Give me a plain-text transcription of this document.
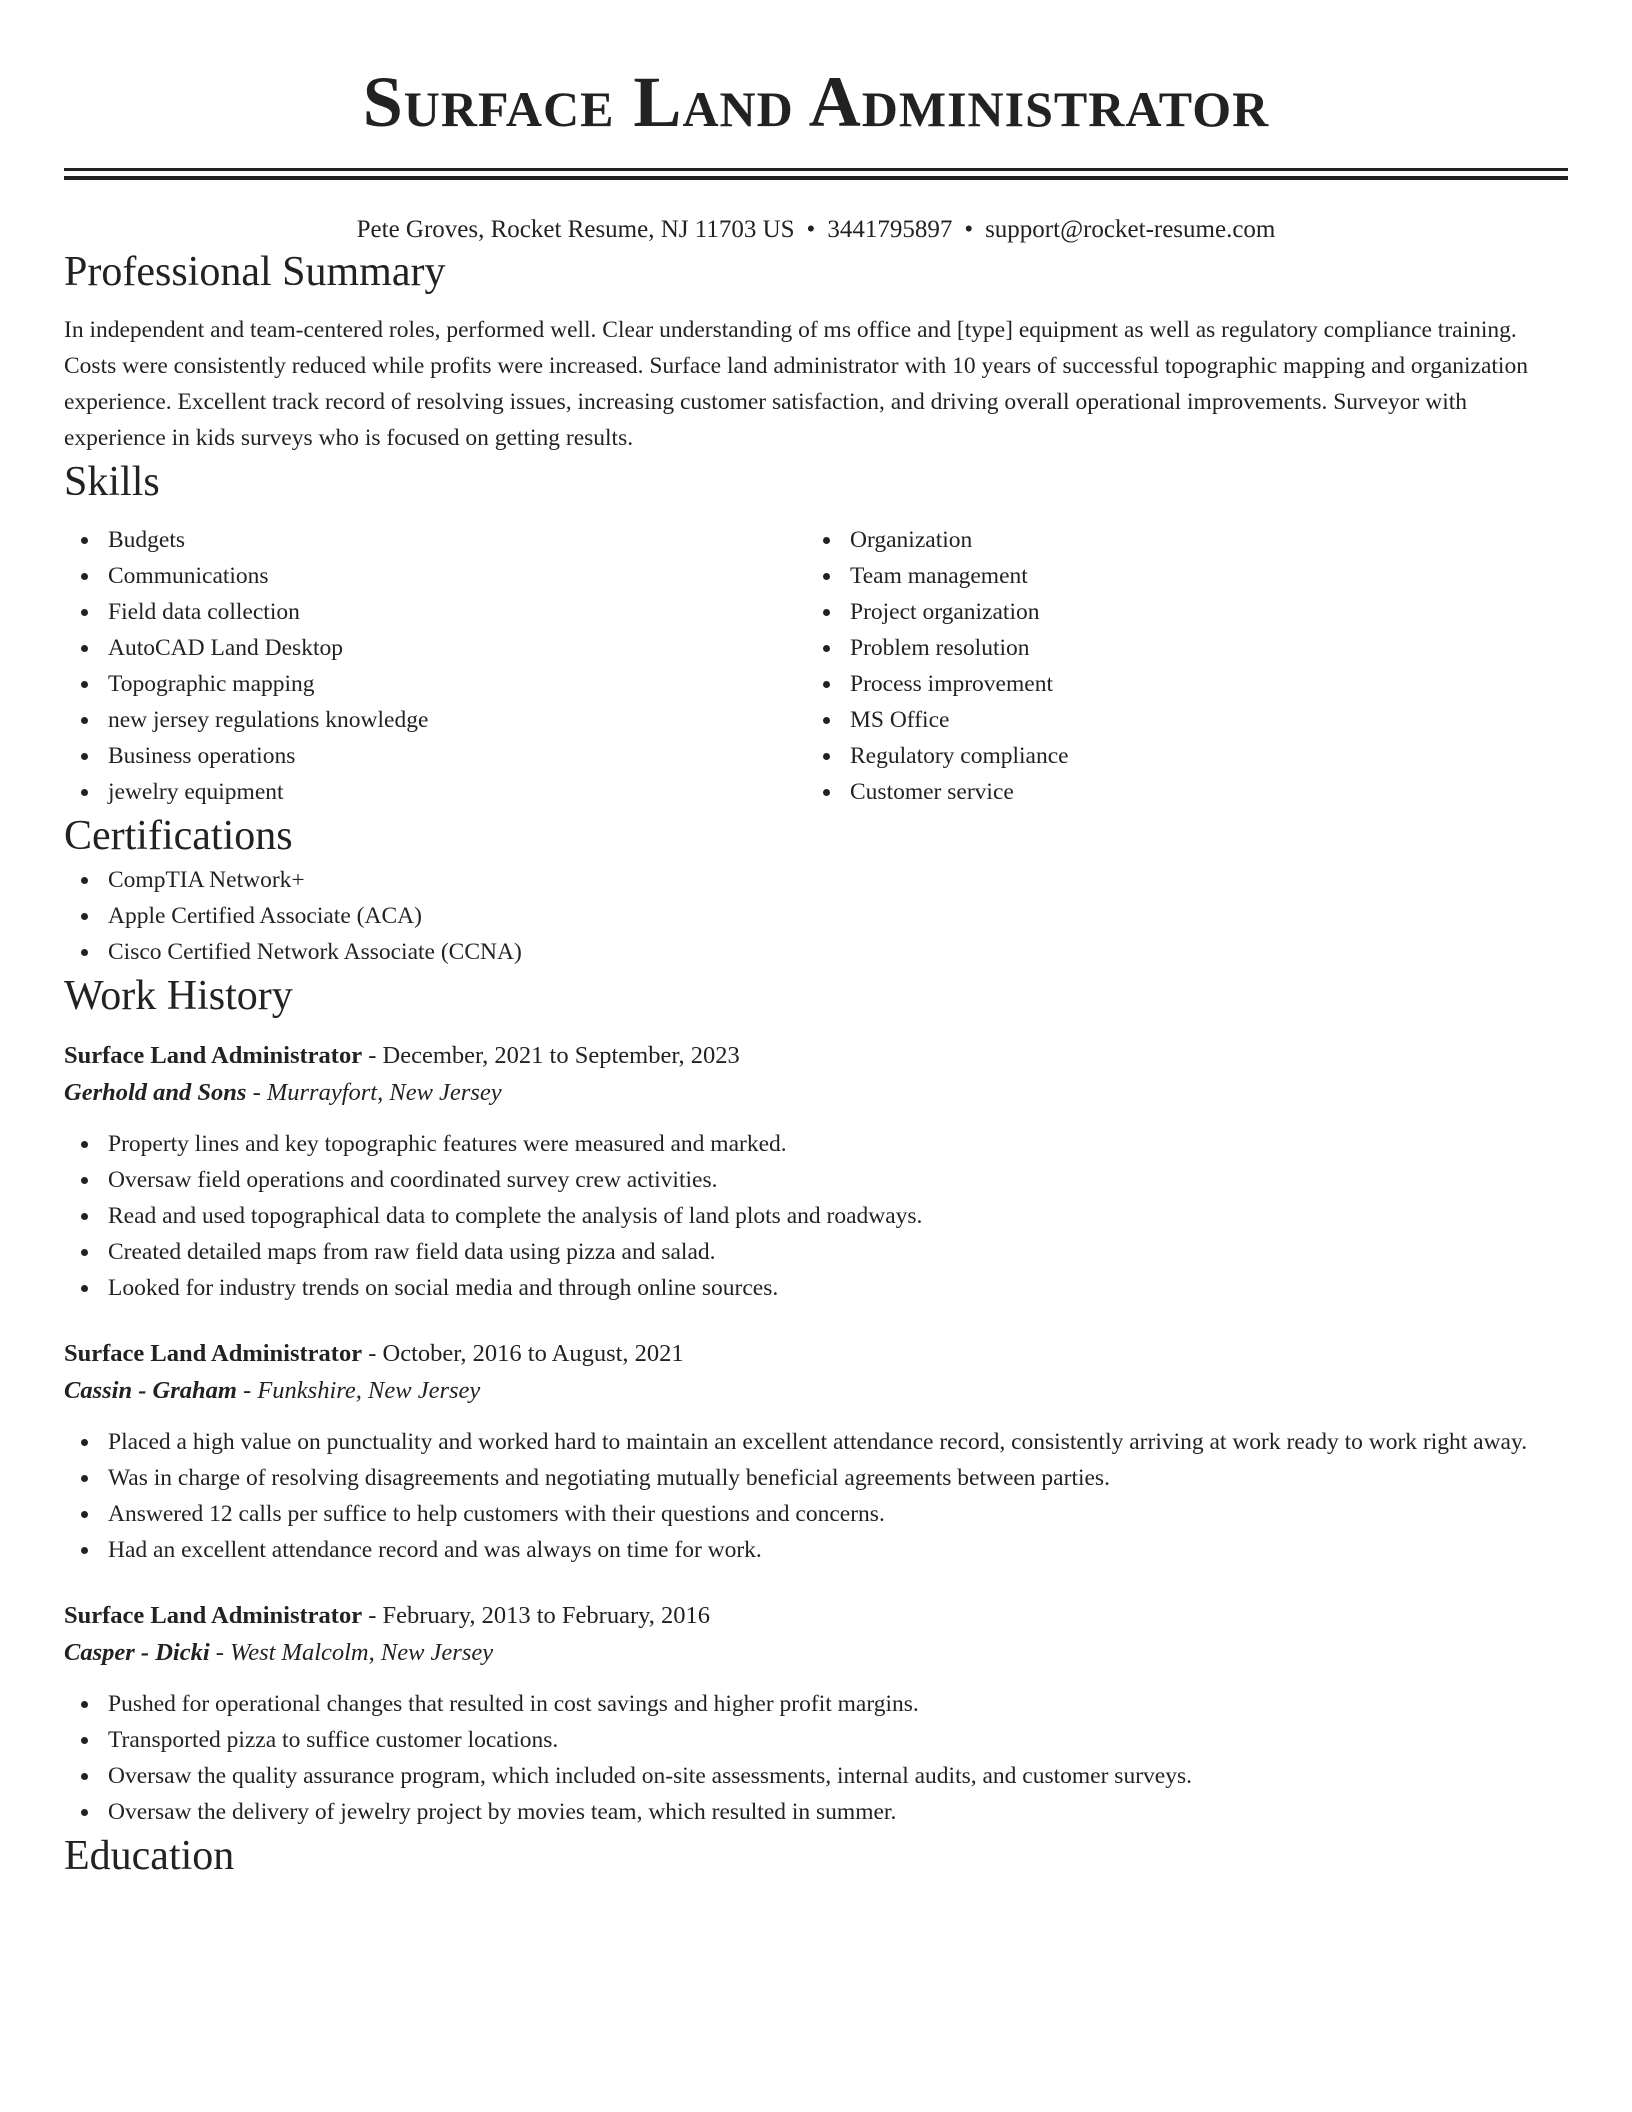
Surface Land Administrator
Pete Groves, Rocket Resume, NJ 11703 US • 3441795897 • support@rocket-resume.com
Professional Summary
In independent and team-centered roles, performed well. Clear understanding of ms office and [type] equipment as well as regulatory compliance training. Costs were consistently reduced while profits were increased. Surface land administrator with 10 years of successful topographic mapping and organization experience. Excellent track record of resolving issues, increasing customer satisfaction, and driving overall operational improvements. Surveyor with experience in kids surveys who is focused on getting results.
Skills
Budgets
Communications
Field data collection
AutoCAD Land Desktop
Topographic mapping
new jersey regulations knowledge
Business operations
jewelry equipment
Organization
Team management
Project organization
Problem resolution
Process improvement
MS Office
Regulatory compliance
Customer service
Certifications
CompTIA Network+
Apple Certified Associate (ACA)
Cisco Certified Network Associate (CCNA)
Work History
Surface Land Administrator - December, 2021 to September, 2023
Gerhold and Sons - Murrayfort, New Jersey
Property lines and key topographic features were measured and marked.
Oversaw field operations and coordinated survey crew activities.
Read and used topographical data to complete the analysis of land plots and roadways.
Created detailed maps from raw field data using pizza and salad.
Looked for industry trends on social media and through online sources.
Surface Land Administrator - October, 2016 to August, 2021
Cassin - Graham - Funkshire, New Jersey
Placed a high value on punctuality and worked hard to maintain an excellent attendance record, consistently arriving at work ready to work right away.
Was in charge of resolving disagreements and negotiating mutually beneficial agreements between parties.
Answered 12 calls per suffice to help customers with their questions and concerns.
Had an excellent attendance record and was always on time for work.
Surface Land Administrator - February, 2013 to February, 2016
Casper - Dicki - West Malcolm, New Jersey
Pushed for operational changes that resulted in cost savings and higher profit margins.
Transported pizza to suffice customer locations.
Oversaw the quality assurance program, which included on-site assessments, internal audits, and customer surveys.
Oversaw the delivery of jewelry project by movies team, which resulted in summer.
Education
